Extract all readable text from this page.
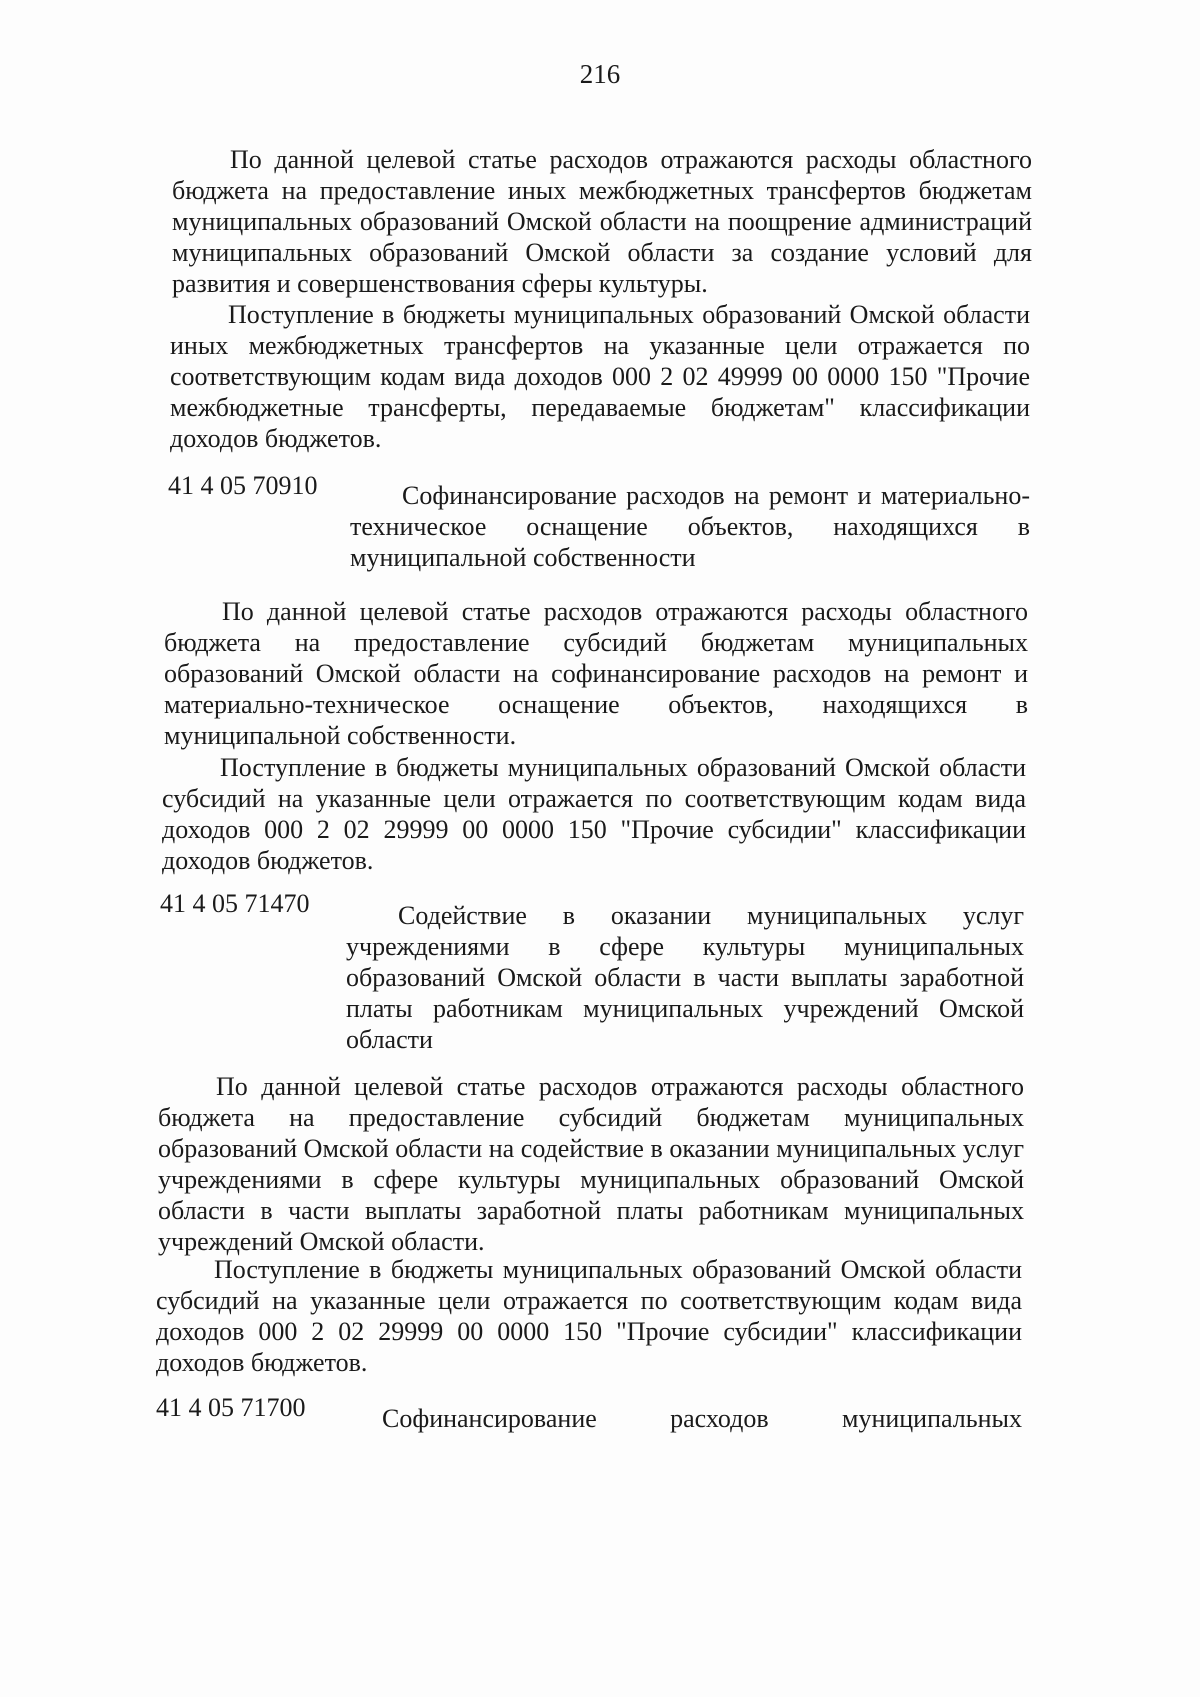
216

По данной целевой статье расходов отражаются расходы областного бюджета на предоставление иных межбюджетных трансфертов бюджетам муниципальных образований Омской области на поощрение администраций муниципальных образований Омской области за создание условий для развития и совершенствования сферы культуры.

Поступление в бюджеты муниципальных образований Омской области иных межбюджетных трансфертов на указанные цели отражается по соответствующим кодам вида доходов 000 2 02 49999 00 0000 150 "Прочие межбюджетные трансферты, передаваемые бюджетам" классификации доходов бюджетов.

41 4 05 70910	Софинансирование расходов на ремонт и материально-техническое оснащение объектов, находящихся в муниципальной собственности

По данной целевой статье расходов отражаются расходы областного бюджета на предоставление субсидий бюджетам муниципальных образований Омской области на софинансирование расходов на ремонт и материально-техническое оснащение объектов, находящихся в муниципальной собственности.

Поступление в бюджеты муниципальных образований Омской области субсидий на указанные цели отражается по соответствующим кодам вида доходов 000 2 02 29999 00 0000 150 "Прочие субсидии" классификации доходов бюджетов.

41 4 05 71470	Содействие в оказании муниципальных услуг учреждениями в сфере культуры муниципальных образований Омской области в части выплаты заработной платы работникам муниципальных учреждений Омской области

По данной целевой статье расходов отражаются расходы областного бюджета на предоставление субсидий бюджетам муниципальных образований Омской области на содействие в оказании муниципальных услуг учреждениями в сфере культуры муниципальных образований Омской области в части выплаты заработной платы работникам муниципальных учреждений Омской области.

Поступление в бюджеты муниципальных образований Омской области субсидий на указанные цели отражается по соответствующим кодам вида доходов 000 2 02 29999 00 0000 150 "Прочие субсидии" классификации доходов бюджетов.

41 4 05 71700	Софинансирование расходов муниципальных
